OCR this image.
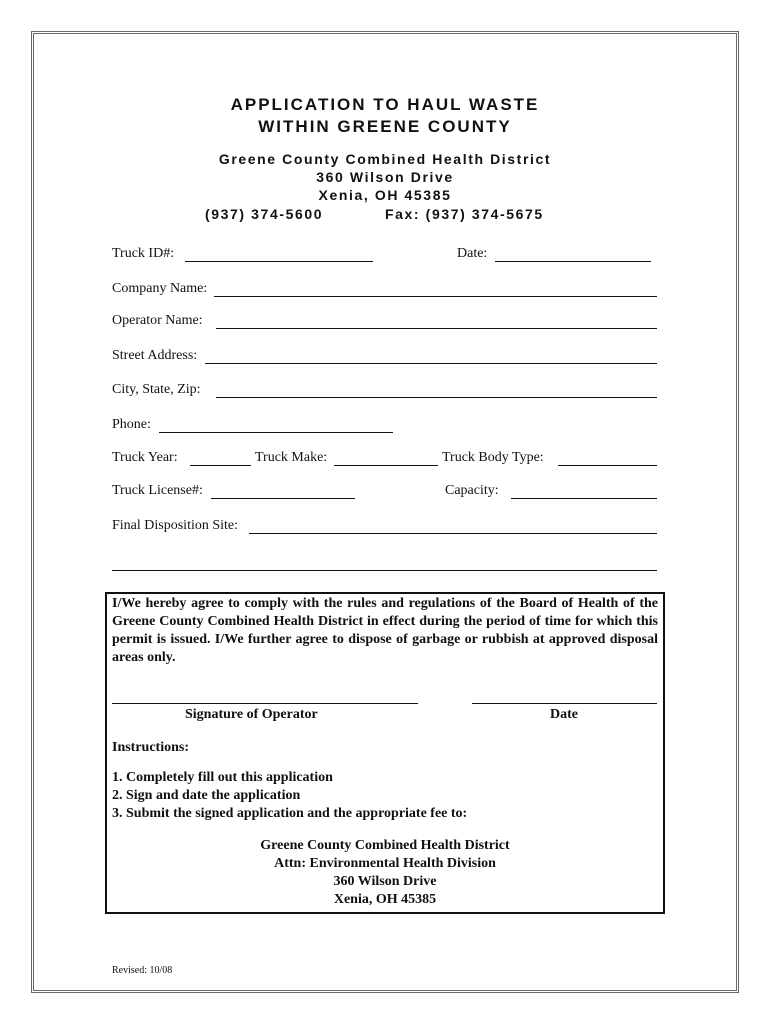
APPLICATION TO HAUL WASTE
WITHIN GREENE COUNTY
Greene County Combined Health District
360 Wilson Drive
Xenia, OH 45385
(937) 374-5600	Fax: (937) 374-5675
Truck ID#:	Date:
Company Name:
Operator Name:
Street Address:
City, State, Zip:
Phone:
Truck Year:	Truck Make:	Truck Body Type:
Truck License#:	Capacity:
Final Disposition Site:
I/We hereby agree to comply with the rules and regulations of the Board of Health of the Greene County Combined Health District in effect during the period of time for which this permit is issued. I/We further agree to dispose of garbage or rubbish at approved disposal areas only.
Signature of Operator	Date
Instructions:
1. Completely fill out this application
2. Sign and date the application
3. Submit the signed application and the appropriate fee to:
Greene County Combined Health District
Attn: Environmental Health Division
360 Wilson Drive
Xenia, OH 45385
Revised: 10/08
